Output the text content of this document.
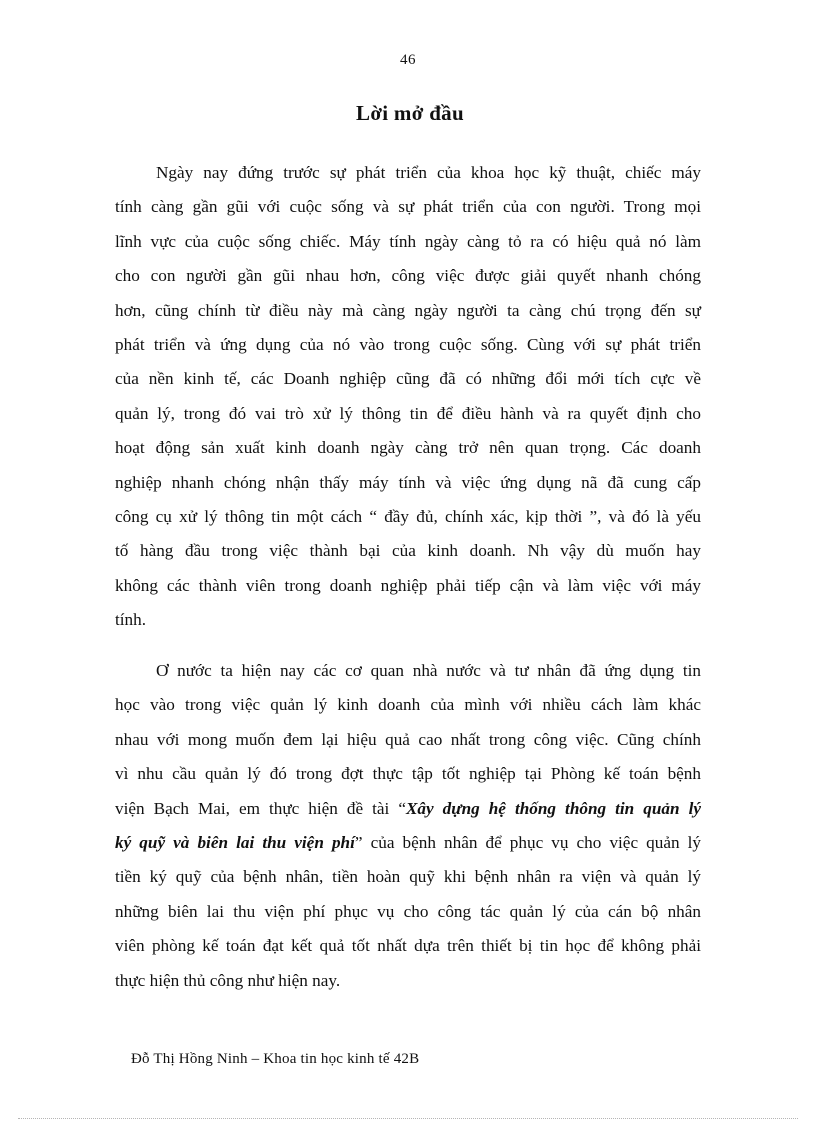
46
Lời mở đầu
Ngày nay đứng trước sự phát triển của khoa học kỹ thuật, chiếc máy
tính càng gần gũi với cuộc sống và sự phát triển của con người. Trong mọi
lĩnh vực của cuộc sống chiếc. Máy tính ngày càng tỏ ra có hiệu quả nó làm
cho con người gần gũi nhau hơn, công việc được giải quyết nhanh chóng
hơn, cũng chính từ điều này mà càng ngày người ta càng chú trọng đến sự
phát triển và ứng dụng của nó vào trong cuộc sống. Cùng với sự phát triển
của nền kinh tế, các Doanh nghiệp cũng đã có những đổi mới tích cực về
quản lý, trong đó vai trò xử lý thông tin để điều hành và ra quyết định cho
hoạt động sản xuất kinh doanh ngày càng trở nên quan trọng. Các doanh
nghiệp nhanh chóng nhận thấy máy tính và việc ứng dụng nã đã cung cấp
công cụ xử lý thông tin một cách “ đầy đủ, chính xác, kịp thời ”, và đó là yếu
tố hàng đầu trong việc thành bại của kinh doanh. Nh vậy dù muốn hay
không các thành viên trong doanh nghiệp phải tiếp cận và làm việc với máy
tính.
Ơ nước ta hiện nay các cơ quan nhà nước và tư nhân đã ứng dụng tin
học vào trong việc quản lý kinh doanh của mình với nhiều cách làm khác
nhau với mong muốn đem lại hiệu quả cao nhất trong công việc. Cũng chính
vì nhu cầu quản lý đó trong đợt thực tập tốt nghiệp tại Phòng kế toán bệnh
viện Bạch Mai, em thực hiện đề tài “Xây dựng hệ thống thông tin quản lý
ký quỹ và biên lai thu viện phí” của bệnh nhân để phục vụ cho việc quản lý
tiền ký quỹ của bệnh nhân, tiền hoàn quỹ khi bệnh nhân ra viện và quản lý
những biên lai thu viện phí phục vụ cho công tác quản lý của cán bộ nhân
viên phòng kế toán đạt kết quả tốt nhất dựa trên thiết bị tin học để không phải
thực hiện thủ công như hiện nay.
Đỗ Thị Hồng Ninh – Khoa tin học kinh tế 42B
